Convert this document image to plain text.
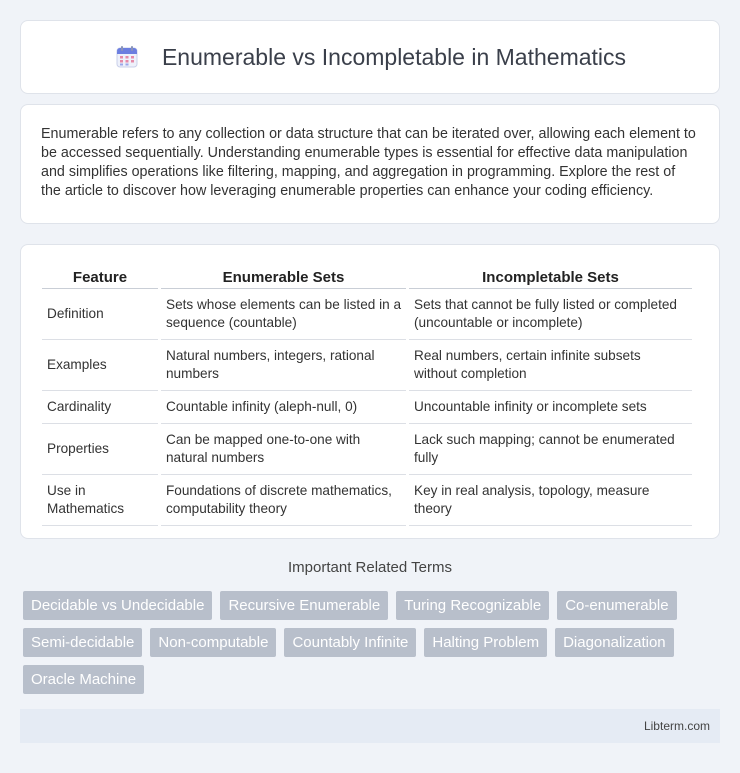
Enumerable vs Incompletable in Mathematics

Enumerable refers to any collection or data structure that can be iterated over, allowing each element to be accessed sequentially. Understanding enumerable types is essential for effective data manipulation and simplifies operations like filtering, mapping, and aggregation in programming. Explore the rest of the article to discover how leveraging enumerable properties can enhance your coding efficiency.

Feature	Enumerable Sets	Incompletable Sets
Definition	Sets whose elements can be listed in a sequence (countable)	Sets that cannot be fully listed or completed (uncountable or incomplete)
Examples	Natural numbers, integers, rational numbers	Real numbers, certain infinite subsets without completion
Cardinality	Countable infinity (aleph-null, 0)	Uncountable infinity or incomplete sets
Properties	Can be mapped one-to-one with natural numbers	Lack such mapping; cannot be enumerated fully
Use in Mathematics	Foundations of discrete mathematics, computability theory	Key in real analysis, topology, measure theory
Important Related Terms
Decidable vs Undecidable	Recursive Enumerable	Turing Recognizable	Co-enumerable
Semi-decidable	Non-computable	Countably Infinite	Halting Problem	Diagonalization
Oracle Machine
Libterm.com
